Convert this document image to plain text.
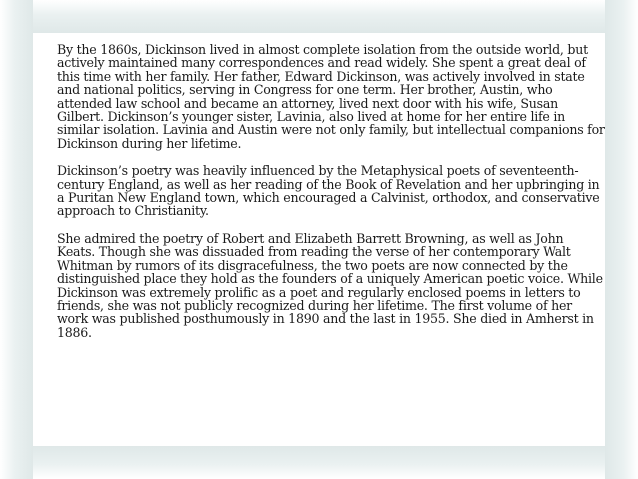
By the 1860s, Dickinson lived in almost complete isolation from the outside world, but actively maintained many correspondences and read widely. She spent a great deal of this time with her family. Her father, Edward Dickinson, was actively involved in state and national politics, serving in Congress for one term. Her brother, Austin, who attended law school and became an attorney, lived next door with his wife, Susan Gilbert. Dickinson’s younger sister, Lavinia, also lived at home for her entire life in similar isolation. Lavinia and Austin were not only family, but intellectual companions for Dickinson during her lifetime.

Dickinson’s poetry was heavily influenced by the Metaphysical poets of seventeenth-century England, as well as her reading of the Book of Revelation and her upbringing in a Puritan New England town, which encouraged a Calvinist, orthodox, and conservative approach to Christianity.

She admired the poetry of Robert and Elizabeth Barrett Browning, as well as John Keats. Though she was dissuaded from reading the verse of her contemporary Walt Whitman by rumors of its disgracefulness, the two poets are now connected by the distinguished place they hold as the founders of a uniquely American poetic voice. While Dickinson was extremely prolific as a poet and regularly enclosed poems in letters to friends, she was not publicly recognized during her lifetime. The first volume of her work was published posthumously in 1890 and the last in 1955. She died in Amherst in 1886.
